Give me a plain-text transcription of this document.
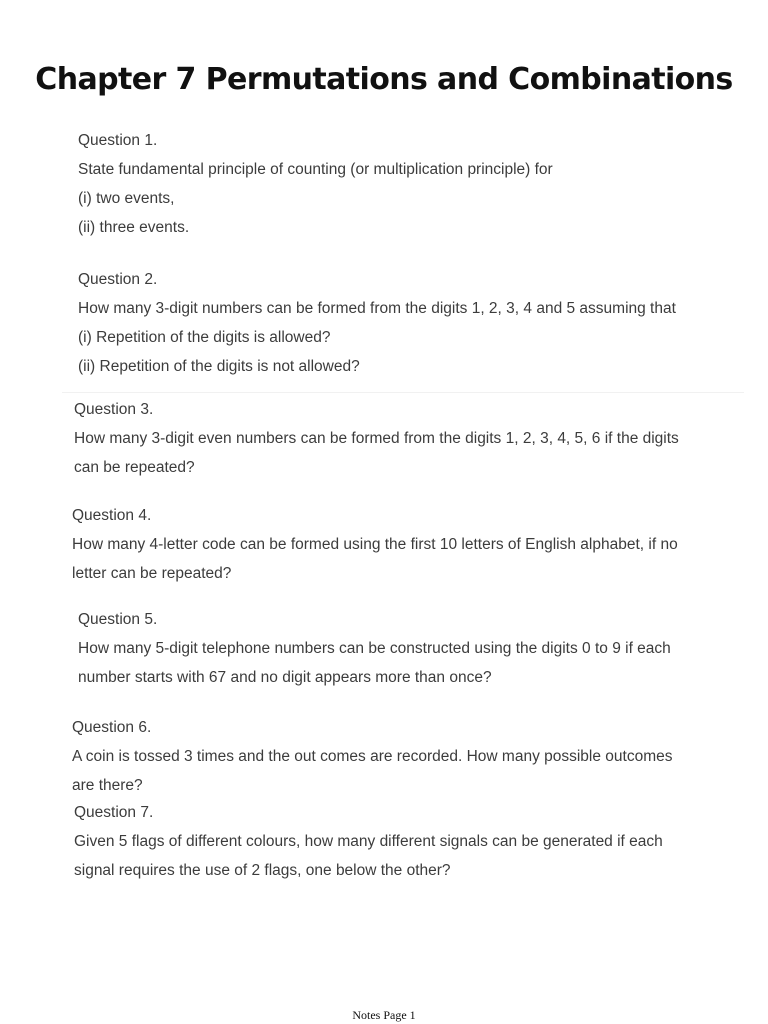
Chapter 7 Permutations and Combinations
Question 1.
State fundamental principle of counting (or multiplication principle) for
(i) two events,
(ii) three events.
Question 2.
How many 3-digit numbers can be formed from the digits 1, 2, 3, 4 and 5 assuming that
(i) Repetition of the digits is allowed?
(ii) Repetition of the digits is not allowed?
Question 3.
How many 3-digit even numbers can be formed from the digits 1, 2, 3, 4, 5, 6 if the digits
can be repeated?
Question 4.
How many 4-letter code can be formed using the first 10 letters of English alphabet, if no
letter can be repeated?
Question 5.
How many 5-digit telephone numbers can be constructed using the digits 0 to 9 if each
number starts with 67 and no digit appears more than once?
Question 6.
A coin is tossed 3 times and the out comes are recorded. How many possible outcomes
are there?
Question 7.
Given 5 flags of different colours, how many different signals can be generated if each
signal requires the use of 2 flags, one below the other?
Notes Page 1
